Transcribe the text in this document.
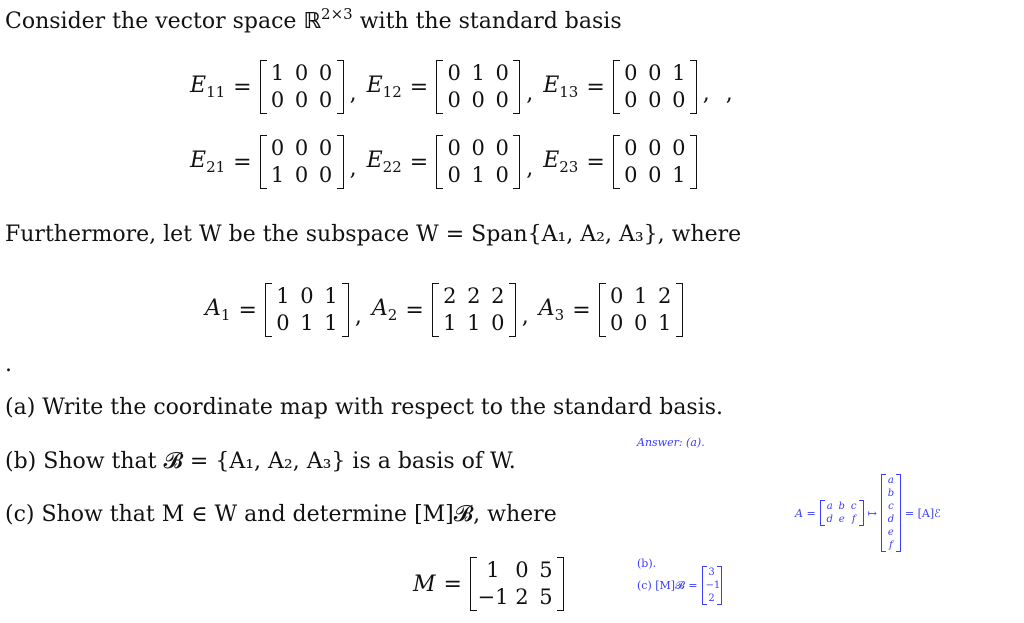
Consider the vector space ℝ$^{2\times 3}$ with the standard basis
$E_{11}$ =
1 0 0
0 0 0 , $E_{12}$ =
0 1 0
0 0 0 , $E_{13}$ =
0 0 1
0 0 0 , ,
$E_{21}$ =
0 0 0
1 0 0 , $E_{22}$ =
0 0 0
0 1 0 , $E_{23}$ =
0 0 0
0 0 1
Furthermore, let W be the subspace W = Span{A₁, A₂, A₃}, where
$A_1$ =
1 0 1
0 1 1 , $A_2$ =
2 2 2
1 1 0 , $A_3$ =
0 1 2
0 0 1
.
(a) Write the coordinate map with respect to the standard basis.
(b) Show that 𝓑 = {A₁, A₂, A₃} is a basis of W.
(c) Show that M ∈ W and determine [M]𝓑, where
M =
1 0 5
−1 2 5
Answer: (a).
A =	a b c
d e f	↦
a
b
c
d
e
f
= [A]ℰ
(b).
(c) [M]𝓑 =
3
−1
2
